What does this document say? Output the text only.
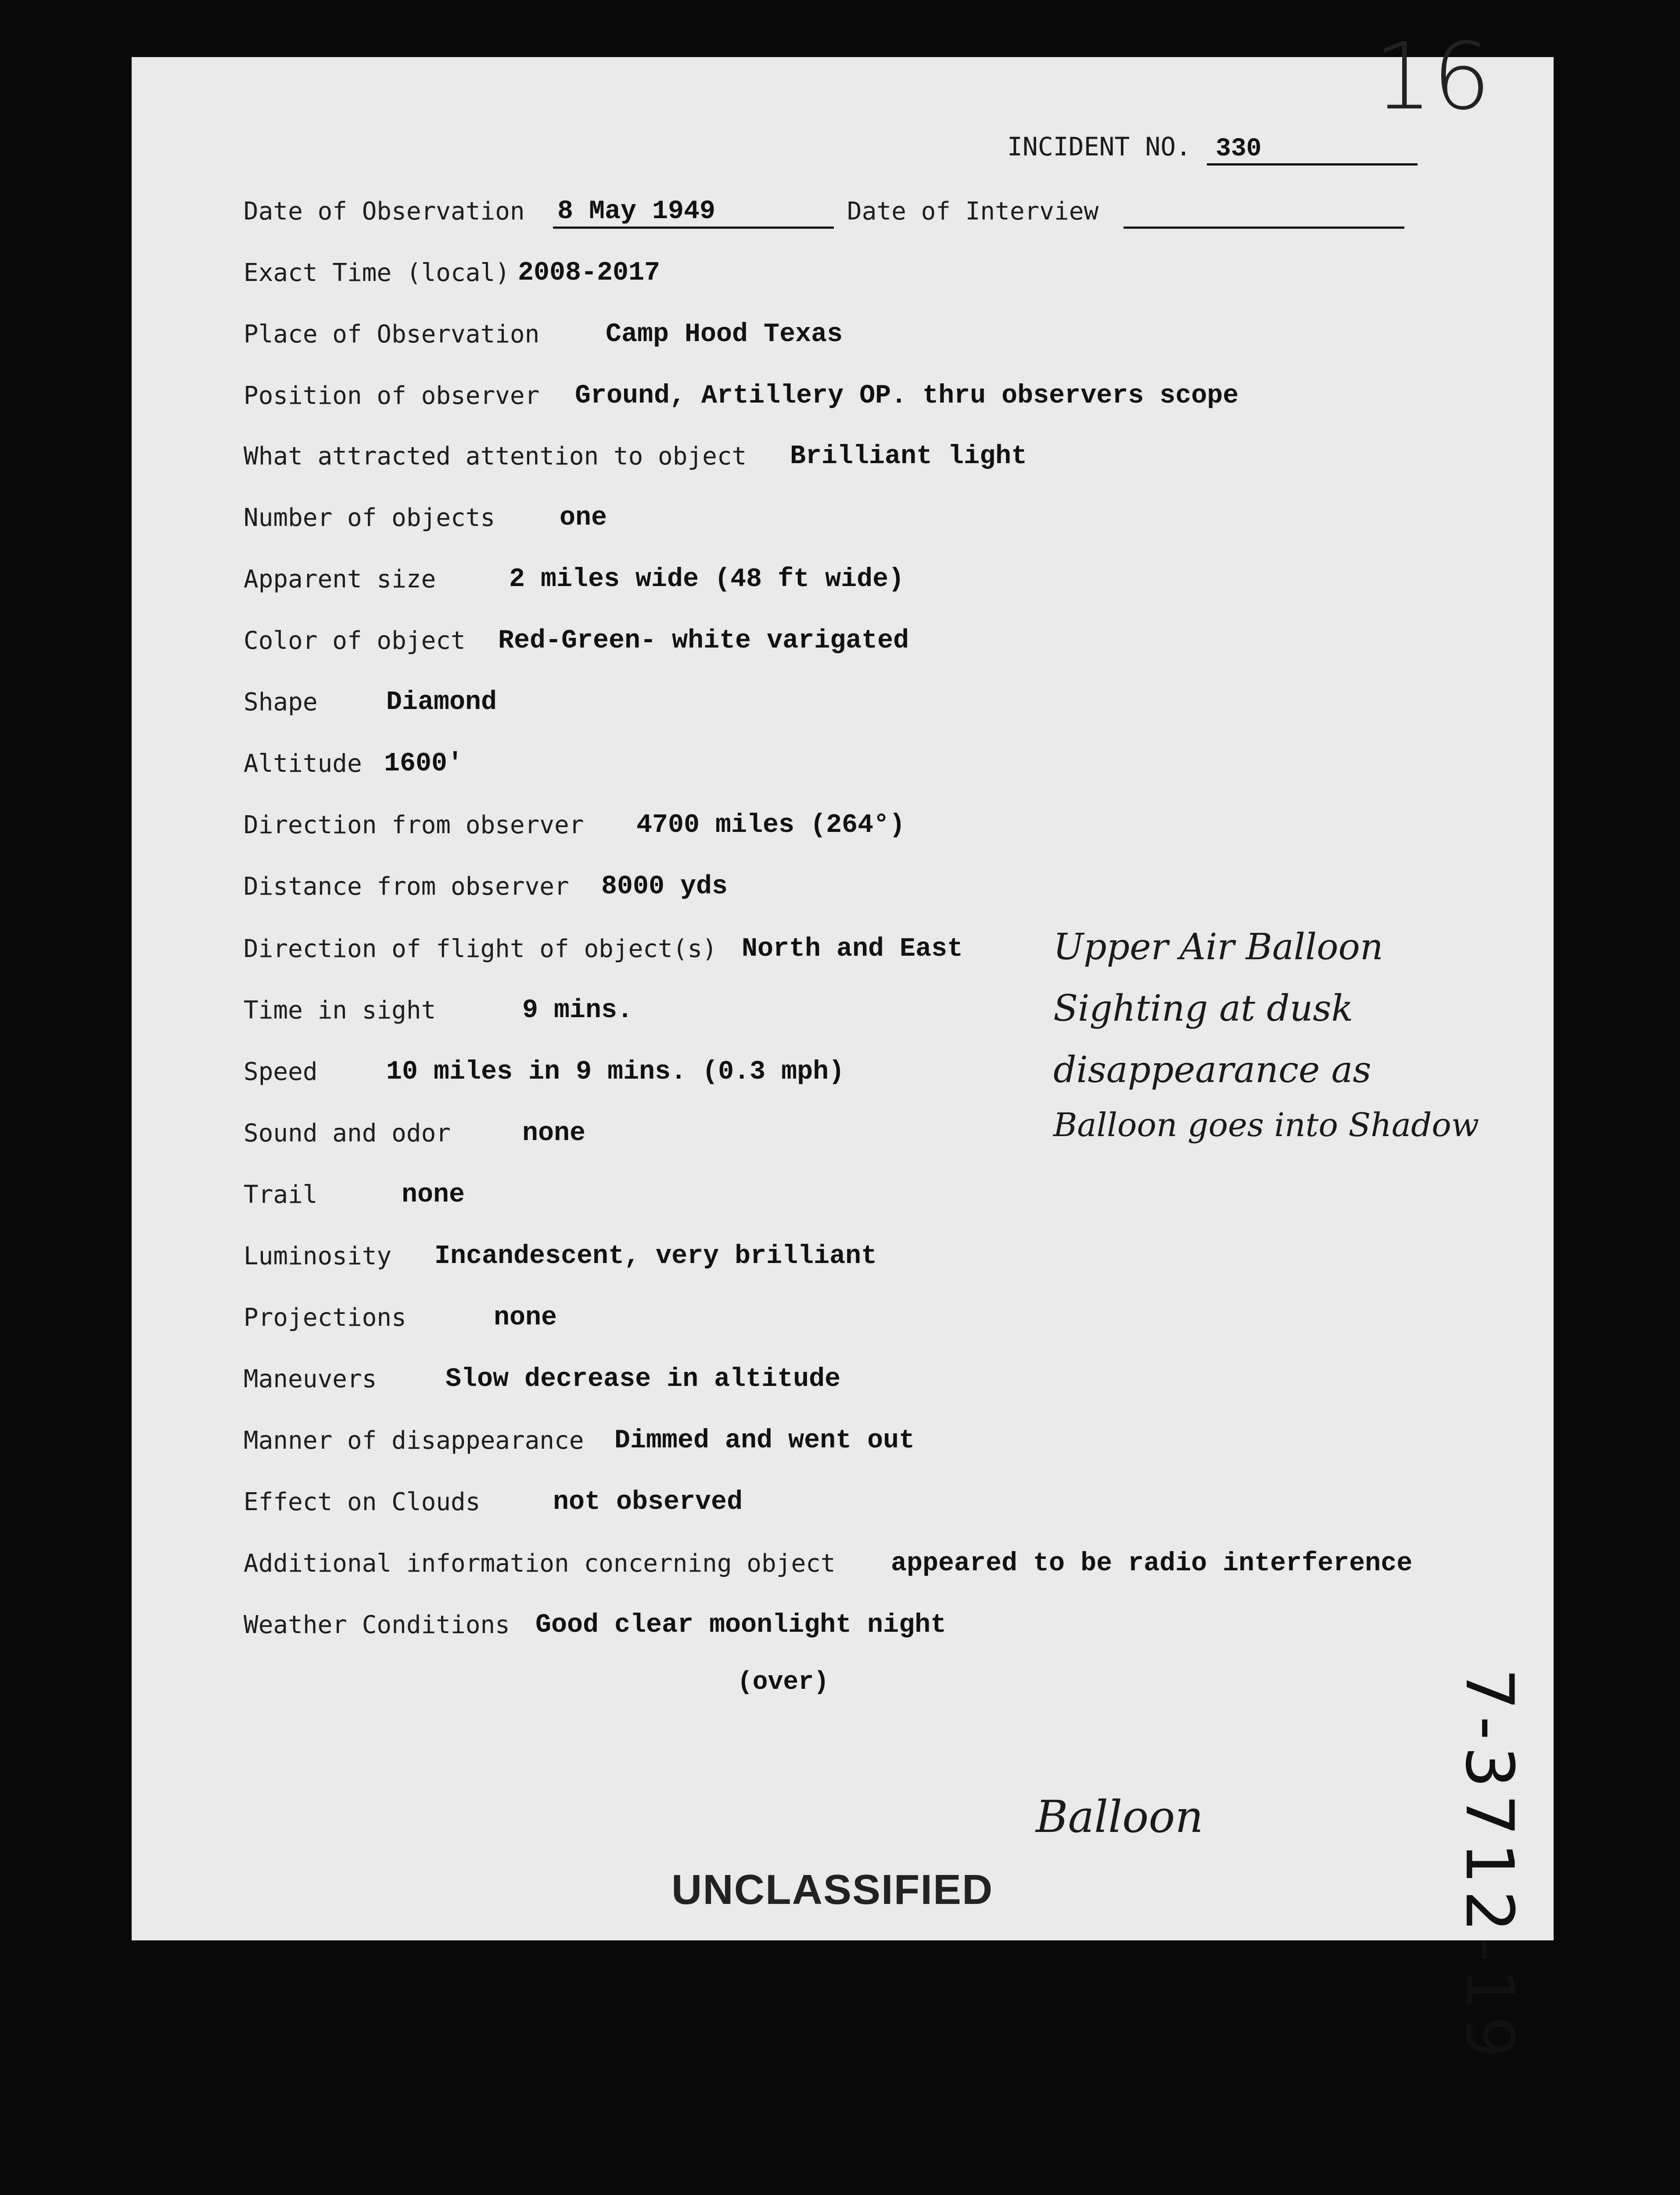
16
INCIDENT NO. 330
Date of Observation 8 May 1949	Date of Interview
Exact Time (local) 2008-2017
Place of Observation	Camp Hood Texas
Position of observer Ground, Artillery OP. thru observers scope
What attracted attention to object Brilliant light
Number of objects one
Apparent size	2 miles wide (48 ft wide)
Color of object Red-Green- white varigated
Shape	Diamond
Altitude 1600'
Direction from observer 4700 miles (264°)
Distance from observer 8000 yds
Direction of flight of object(s) North and East
Time in sight	9 mins.
Speed	10 miles in 9 mins. (0.3 mph)
Sound and odor	none
Trail	none
Luminosity Incandescent, very brilliant
Projections	none
Maneuvers	Slow decrease in altitude
Manner of disappearance Dimmed and went out
Effect on Clouds	not observed
Additional information concerning object appeared to be radio interference
Weather Conditions Good clear moonlight night
(over)
Upper Air Balloon
Sighting at dusk
disappearance as
Balloon goes into Shadow
Balloon
UNCLASSIFIED	7-3712-19
